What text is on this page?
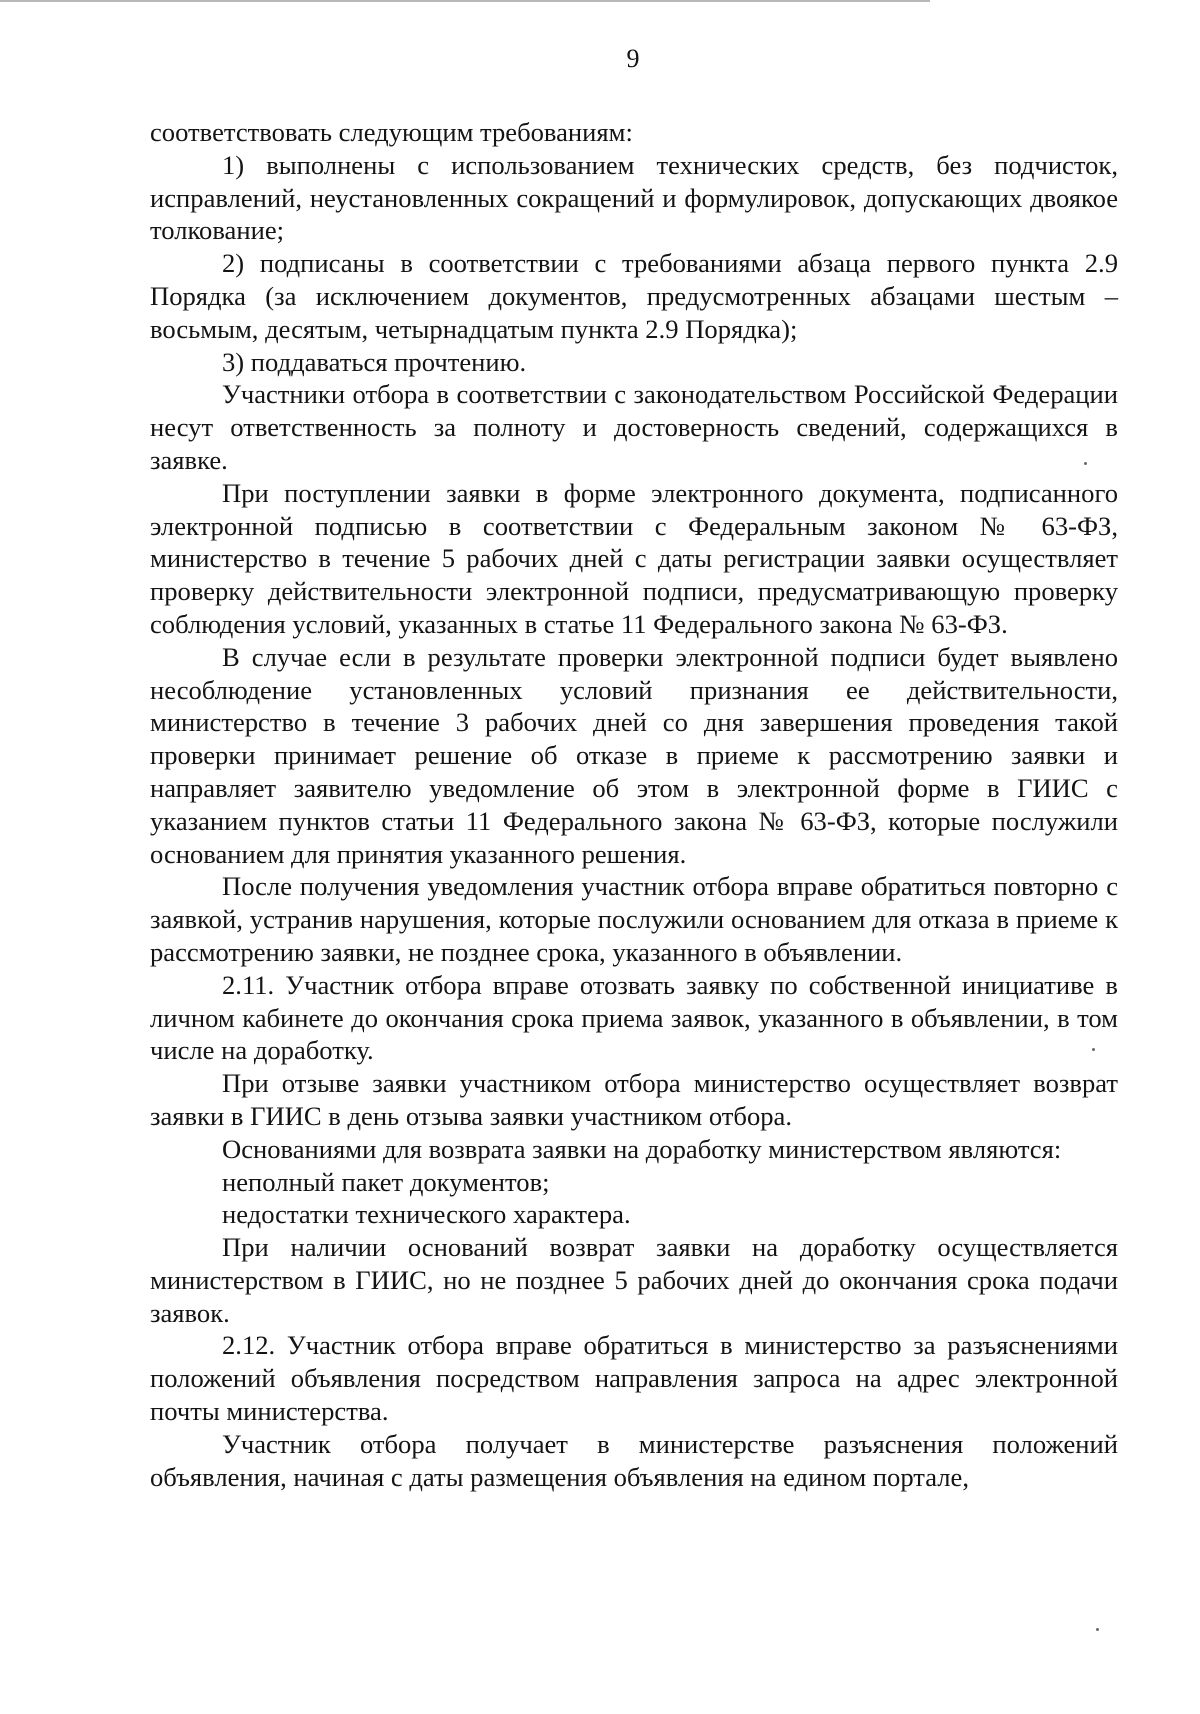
9

соответствовать следующим требованиям:

1) выполнены с использованием технических средств, без подчисток, исправлений, неустановленных сокращений и формулировок, допускающих двоякое толкование;

2) подписаны в соответствии с требованиями абзаца первого пункта 2.9 Порядка (за исключением документов, предусмотренных абзацами шестым – восьмым, десятым, четырнадцатым пункта 2.9 Порядка);

3) поддаваться прочтению.

Участники отбора в соответствии с законодательством Российской Федерации несут ответственность за полноту и достоверность сведений, содержащихся в заявке.

При поступлении заявки в форме электронного документа, подписанного электронной подписью в соответствии с Федеральным законом № 63-ФЗ, министерство в течение 5 рабочих дней с даты регистрации заявки осуществляет проверку действительности электронной подписи, предусматривающую проверку соблюдения условий, указанных в статье 11 Федерального закона № 63-ФЗ.

В случае если в результате проверки электронной подписи будет выявлено несоблюдение установленных условий признания ее действительности, министерство в течение 3 рабочих дней со дня завершения проведения такой проверки принимает решение об отказе в приеме к рассмотрению заявки и направляет заявителю уведомление об этом в электронной форме в ГИИС с указанием пунктов статьи 11 Федерального закона № 63-ФЗ, которые послужили основанием для принятия указанного решения.

После получения уведомления участник отбора вправе обратиться повторно с заявкой, устранив нарушения, которые послужили основанием для отказа в приеме к рассмотрению заявки, не позднее срока, указанного в объявлении.

2.11. Участник отбора вправе отозвать заявку по собственной инициативе в личном кабинете до окончания срока приема заявок, указанного в объявлении, в том числе на доработку.

При отзыве заявки участником отбора министерство осуществляет возврат заявки в ГИИС в день отзыва заявки участником отбора.

Основаниями для возврата заявки на доработку министерством являются:

неполный пакет документов;

недостатки технического характера.

При наличии оснований возврат заявки на доработку осуществляется министерством в ГИИС, но не позднее 5 рабочих дней до окончания срока подачи заявок.

2.12. Участник отбора вправе обратиться в министерство за разъяснениями положений объявления посредством направления запроса на адрес электронной почты министерства.

Участник отбора получает в министерстве разъяснения положений объявления, начиная с даты размещения объявления на едином портале,
